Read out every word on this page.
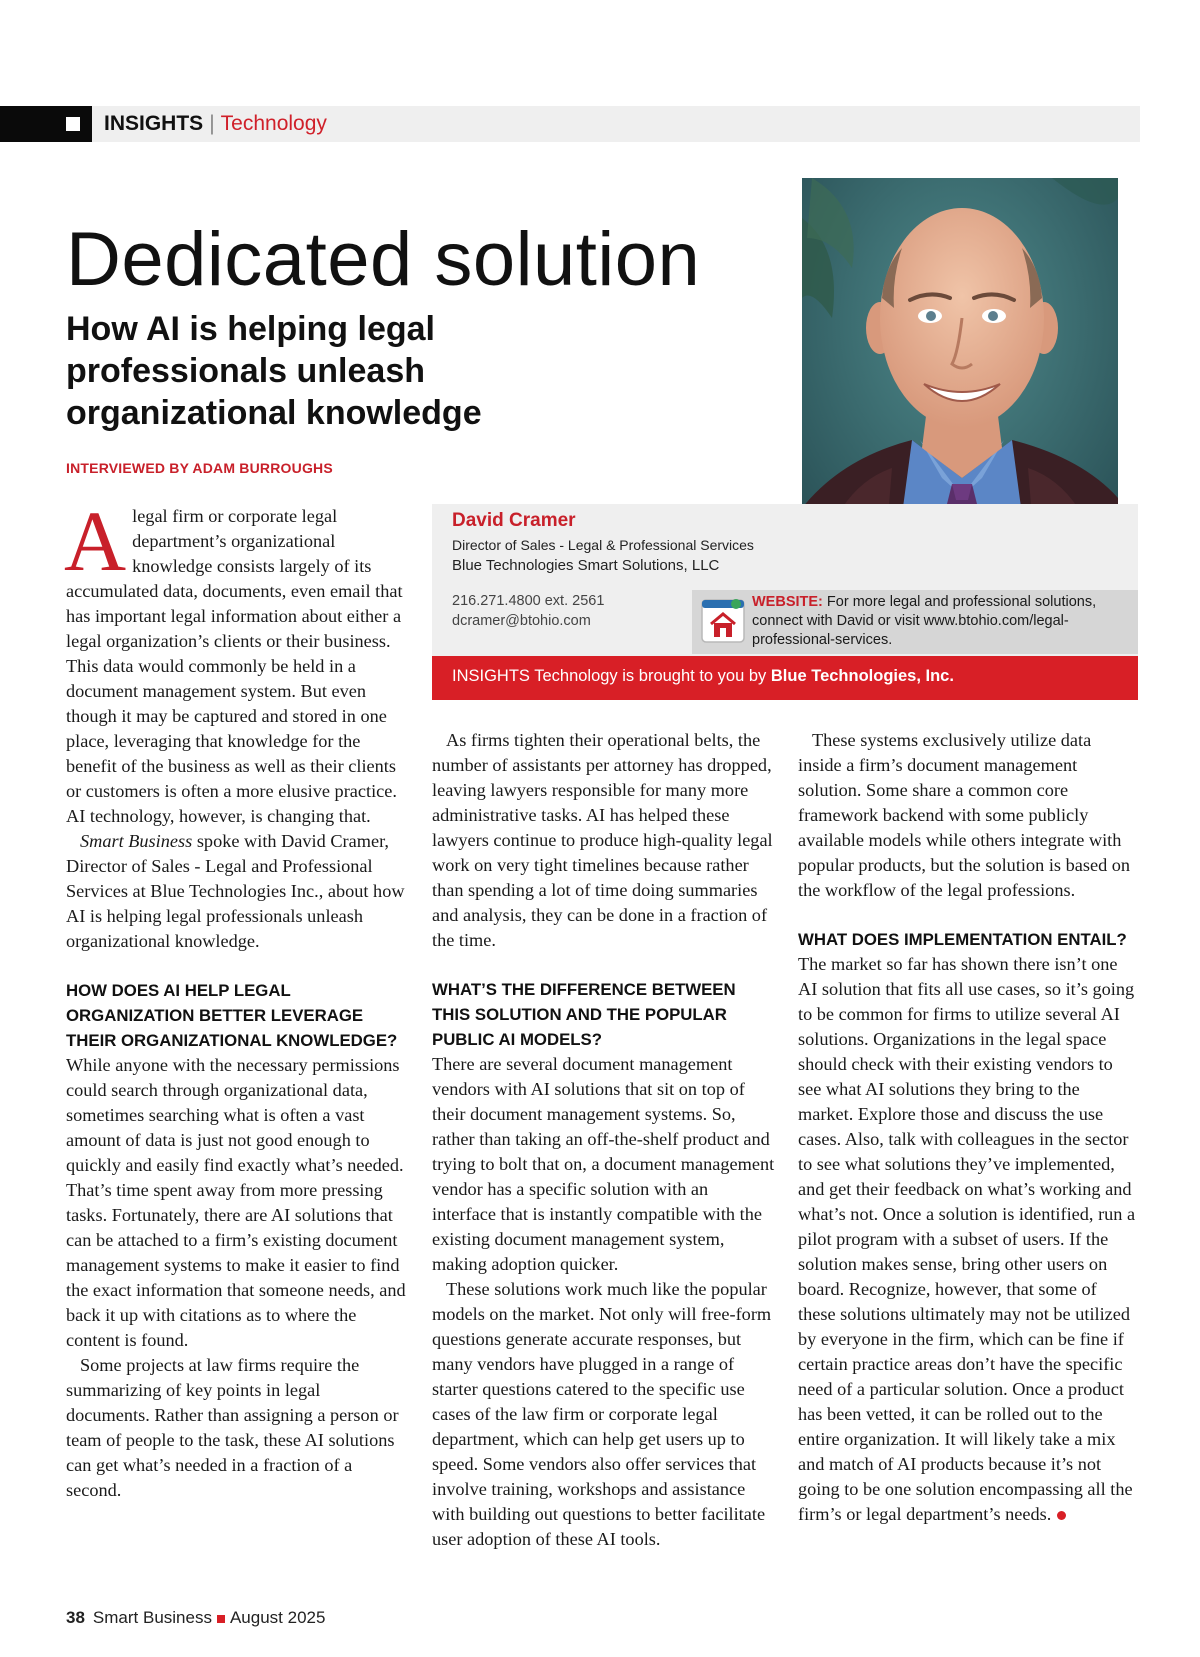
INSIGHTS | Technology
Dedicated solution
How AI is helping legal professionals unleash organizational knowledge
INTERVIEWED BY ADAM BURROUGHS
David Cramer
Director of Sales - Legal & Professional Services
Blue Technologies Smart Solutions, LLC
216.271.4800 ext. 2561
dcramer@btohio.com
WEBSITE: For more legal and professional solutions, connect with David or visit www.btohio.com/legal-professional-services.
INSIGHTS Technology is brought to you by Blue Technologies, Inc.

Alegal firm or corporate legal department’s organizational knowledge consists largely of its accumulated data, documents, even email that has important legal information about either a legal organization’s clients or their business. This data would commonly be held in a document management system. But even though it may be captured and stored in one place, leveraging that knowledge for the benefit of the business as well as their clients or customers is often a more elusive practice. AI technology, however, is changing that.

Smart Business spoke with David Cramer, Director of Sales - Legal and Professional Services at Blue Technologies Inc., about how AI is helping legal professionals unleash organizational knowledge.

HOW DOES AI HELP LEGAL ORGANIZATION BETTER LEVERAGE THEIR ORGANIZATIONAL KNOWLEDGE?

While anyone with the necessary permissions could search through organizational data, sometimes searching what is often a vast amount of data is just not good enough to quickly and easily find exactly what’s needed. That’s time spent away from more pressing tasks. Fortunately, there are AI solutions that can be attached to a firm’s existing document management systems to make it easier to find the exact information that someone needs, and back it up with citations as to where the content is found.

Some projects at law firms require the summarizing of key points in legal documents. Rather than assigning a person or team of people to the task, these AI solutions can get what’s needed in a fraction of a second.

As firms tighten their operational belts, the number of assistants per attorney has dropped, leaving lawyers responsible for many more administrative tasks. AI has helped these lawyers continue to produce high-quality legal work on very tight timelines because rather than spending a lot of time doing summaries and analysis, they can be done in a fraction of the time.

WHAT’S THE DIFFERENCE BETWEEN THIS SOLUTION AND THE POPULAR PUBLIC AI MODELS?

There are several document management vendors with AI solutions that sit on top of their document management systems. So, rather than taking an off-the-shelf product and trying to bolt that on, a document management vendor has a specific solution with an interface that is instantly compatible with the existing document management system, making adoption quicker.

These solutions work much like the popular models on the market. Not only will free-form questions generate accurate responses, but many vendors have plugged in a range of starter questions catered to the specific use cases of the law firm or corporate legal department, which can help get users up to speed. Some vendors also offer services that involve training, workshops and assistance with building out questions to better facilitate user adoption of these AI tools.

These systems exclusively utilize data inside a firm’s document management solution. Some share a common core framework backend with some publicly available models while others integrate with popular products, but the solution is based on the workflow of the legal professions.

WHAT DOES IMPLEMENTATION ENTAIL?

The market so far has shown there isn’t one AI solution that fits all use cases, so it’s going to be common for firms to utilize several AI solutions. Organizations in the legal space should check with their existing vendors to see what AI solutions they bring to the market. Explore those and discuss the use cases. Also, talk with colleagues in the sector to see what solutions they’ve implemented, and get their feedback on what’s working and what’s not. Once a solution is identified, run a pilot program with a subset of users. If the solution makes sense, bring other users on board. Recognize, however, that some of these solutions ultimately may not be utilized by everyone in the firm, which can be fine if certain practice areas don’t have the specific need of a particular solution. Once a product has been vetted, it can be rolled out to the entire organization. It will likely take a mix and match of AI products because it’s not going to be one solution encompassing all the firm’s or legal department’s needs.

38 Smart Business August 2025
